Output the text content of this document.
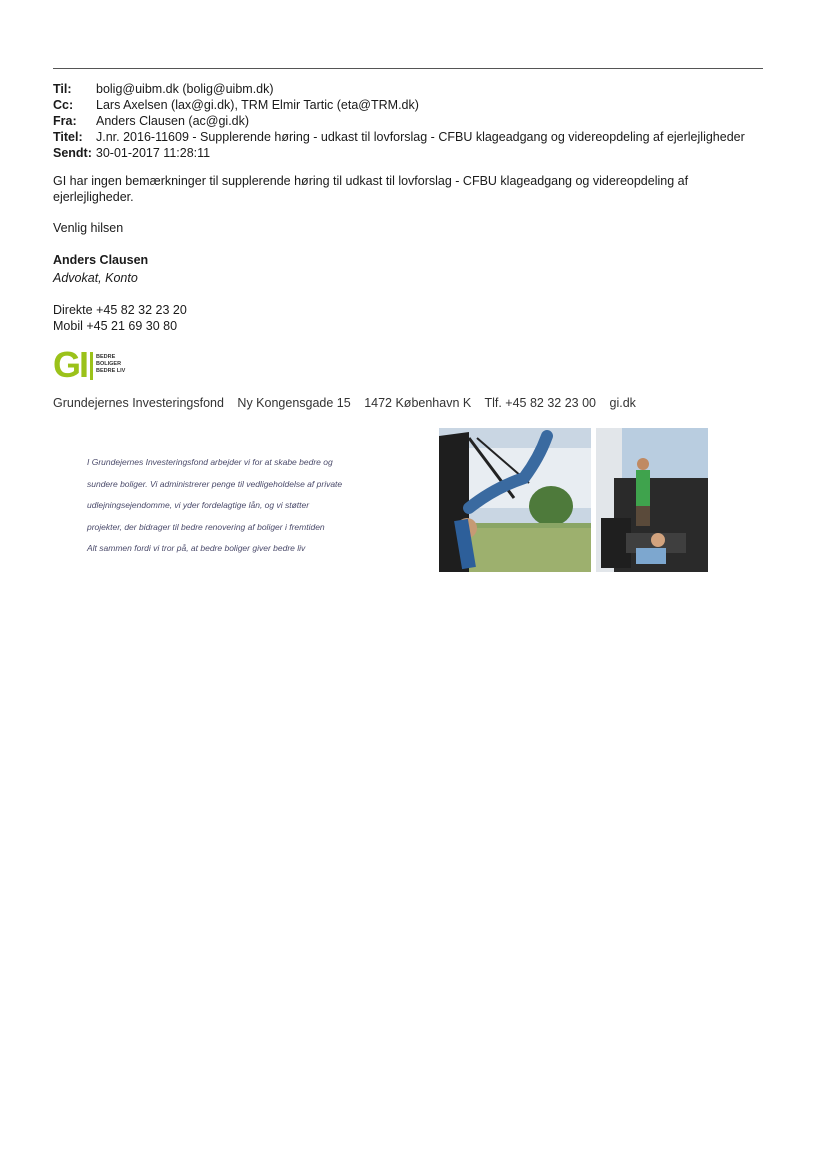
Til:	bolig@uibm.dk (bolig@uibm.dk)
Cc:	Lars Axelsen (lax@gi.dk), TRM Elmir Tartic (eta@TRM.dk)
Fra:	Anders Clausen (ac@gi.dk)
Titel:	J.nr. 2016-11609 - Supplerende høring - udkast til lovforslag - CFBU klageadgang og videreopdeling af ejerlejligheder
Sendt: 30-01-2017 11:28:11

GI har ingen bemærkninger til supplerende høring til udkast til lovforslag - CFBU klageadgang og videreopdeling af ejerlejligheder.

Venlig hilsen
Anders Clausen
Advokat, Konto
Direkte +45 82 32 23 20
Mobil +45 21 69 30 80
GI BEDRE
BOLIGER
BEDRE LIV
Grundejernes Investeringsfond Ny Kongensgade 15 1472 København K Tlf. +45 82 32 23 00 gi.dk
I Grundejernes Investeringsfond arbejder vi for at skabe bedre og
sundere boliger. Vi administrerer penge til vedligeholdelse af private
udlejningsejendomme, vi yder fordelagtige lån, og vi støtter
projekter, der bidrager til bedre renovering af boliger i fremtiden
Alt sammen fordi vi tror på, at bedre boliger giver bedre liv
